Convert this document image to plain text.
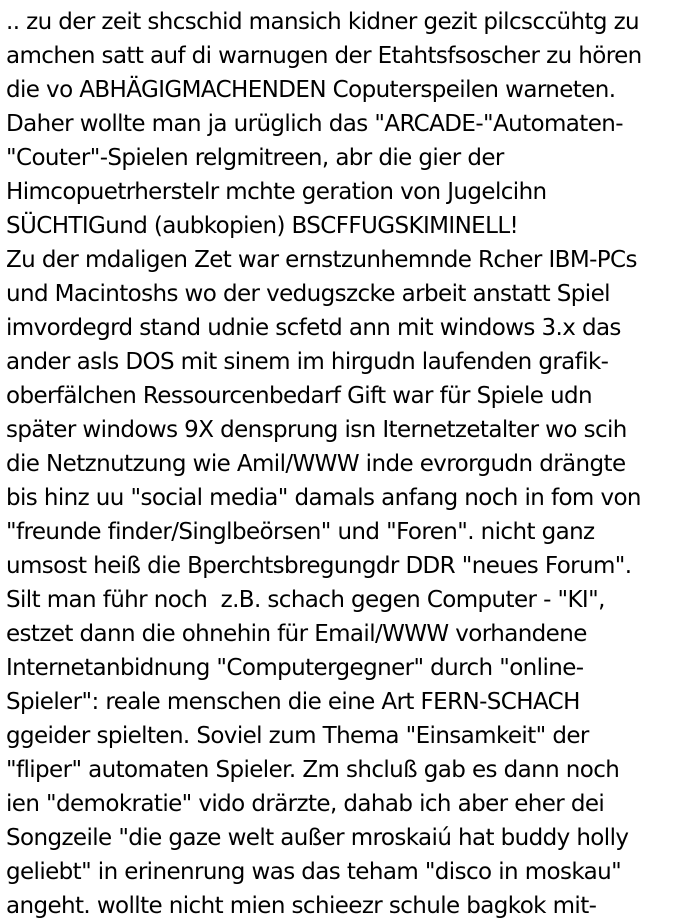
.. zu der zeit shcschid mansich kidner gezit pilcsccühtg zu
amchen satt auf di warnugen der Etahtsfsoscher zu hören
die vo ABHÄGIGMACHENDEN Coputerspeilen warneten.
Daher wollte man ja urüglich das "ARCADE-"Automaten-
"Couter"-Spielen relgmitreen, abr die gier der
Himcopuetrherstelr mchte geration von Jugelcihn
SÜCHTIGund (aubkopien) BSCFFUGSKIMINELL!
Zu der mdaligen Zet war ernstzunhemnde Rcher IBM-PCs
und Macintoshs wo der vedugszcke arbeit anstatt Spiel
imvordegrd stand udnie scfetd ann mit windows 3.x das
ander asls DOS mit sinem im hirgudn laufenden grafik-
oberfälchen Ressourcenbedarf Gift war für Spiele udn
später windows 9X densprung isn Iternetzetalter wo scih
die Netznutzung wie Amil/WWW inde evrorgudn drängte
bis hinz uu "social media" damals anfang noch in fom von
"freunde finder/Singlbeörsen" und "Foren". nicht ganz
umsost heiß die Bperchtsbregungdr DDR "neues Forum".
Silt man führ noch  z.B. schach gegen Computer - "KI",
estzet dann die ohnehin für Email/WWW vorhandene
Internetanbidnung "Computergegner" durch "online-
Spieler": reale menschen die eine Art FERN-SCHACH
ggeider spielten. Soviel zum Thema "Einsamkeit" der
"fliper" automaten Spieler. Zm shcluß gab es dann noch
ien "demokratie" vido drärzte, dahab ich aber eher dei
Songzeile "die gaze welt außer mroskaiú hat buddy holly
geliebt" in erinenrung was das teham "disco in moskau"
angeht. wollte nicht mien schieezr schule bagkok mit-
